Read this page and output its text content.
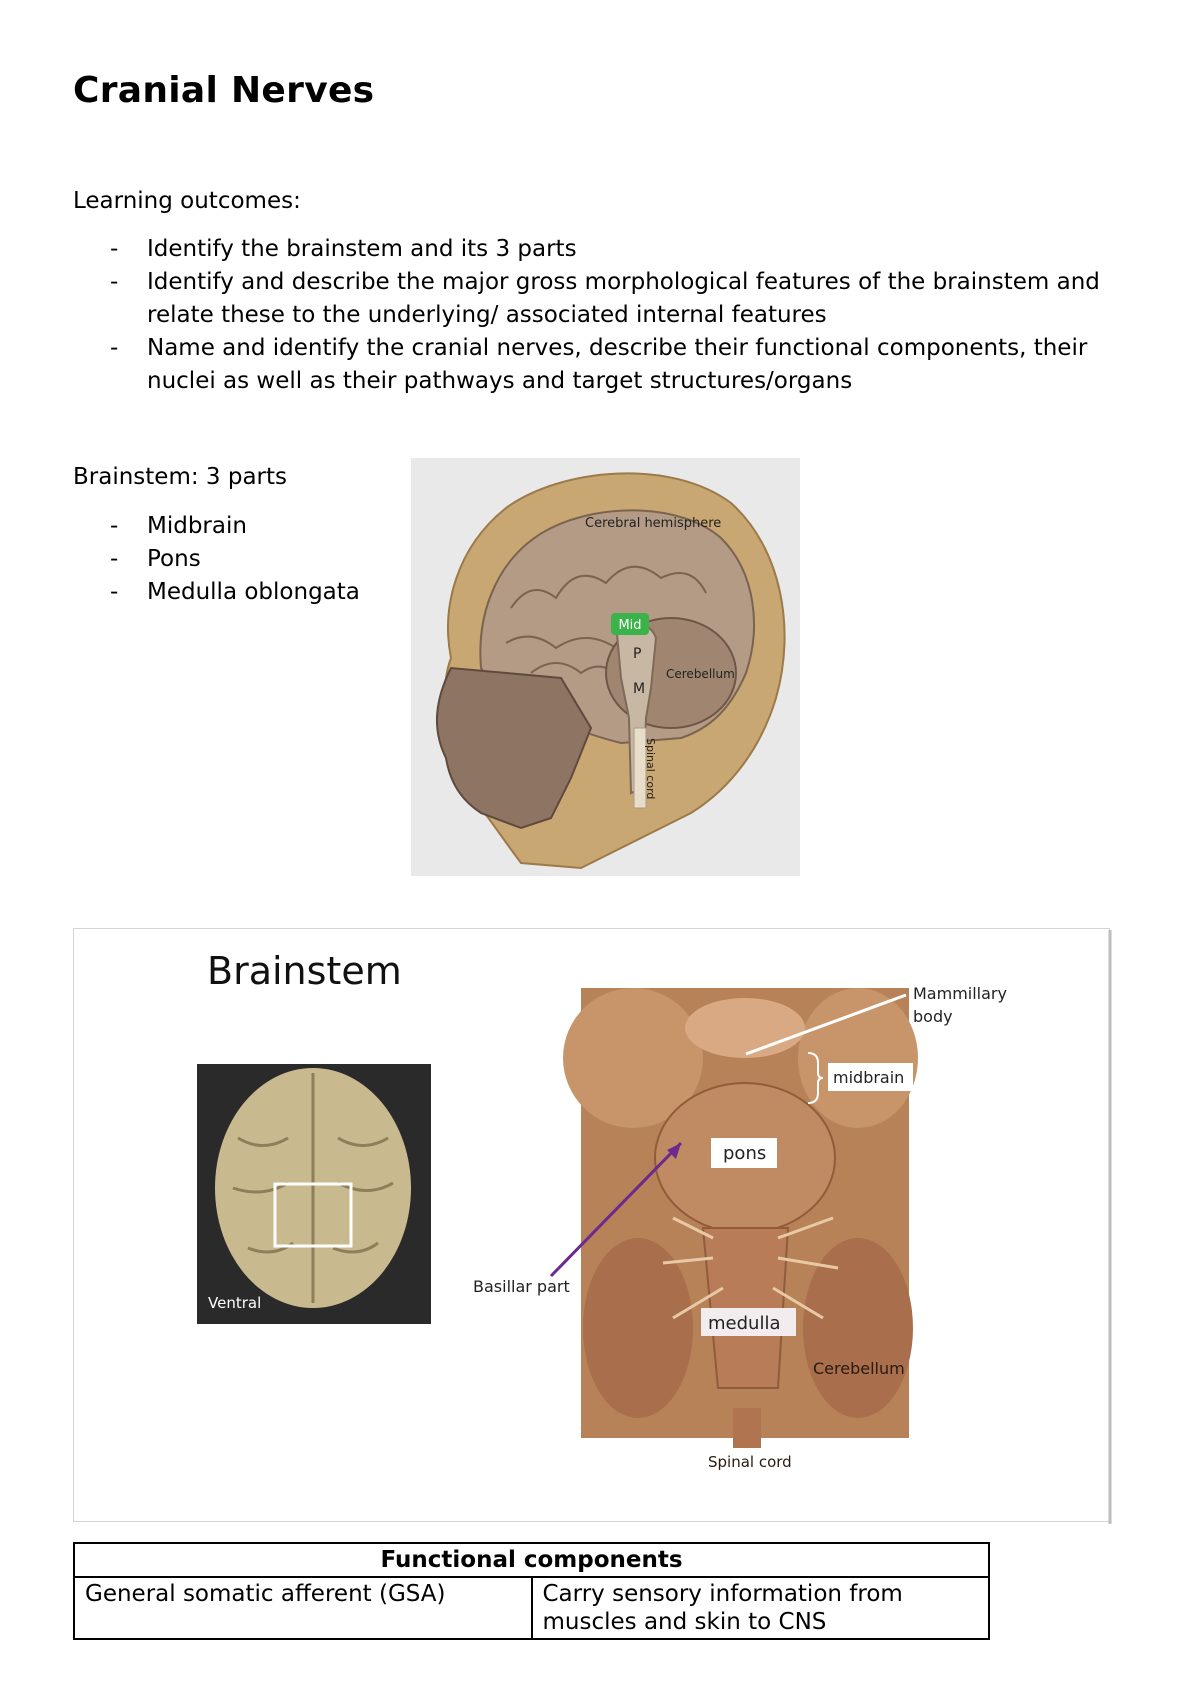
Cranial Nerves
Learning outcomes:
- Identify the brainstem and its 3 parts
- Identify and describe the major gross morphological features of the brainstem and relate these to the underlying/ associated internal features
- Name and identify the cranial nerves, describe their functional components, their nuclei as well as their pathways and target structures/organs
Brainstem: 3 parts
- Midbrain
- Pons
- Medulla oblongata
Mid
P
M
Cerebral hemisphere
Cerebellum
Spinal cord
Brainstem
Ventral
Mammillary
body
midbrain
pons
Basillar part
medulla
Cerebellum
Spinal cord
Functional components

General somatic afferent (GSA)	Carry sensory information from
muscles and skin to CNS
